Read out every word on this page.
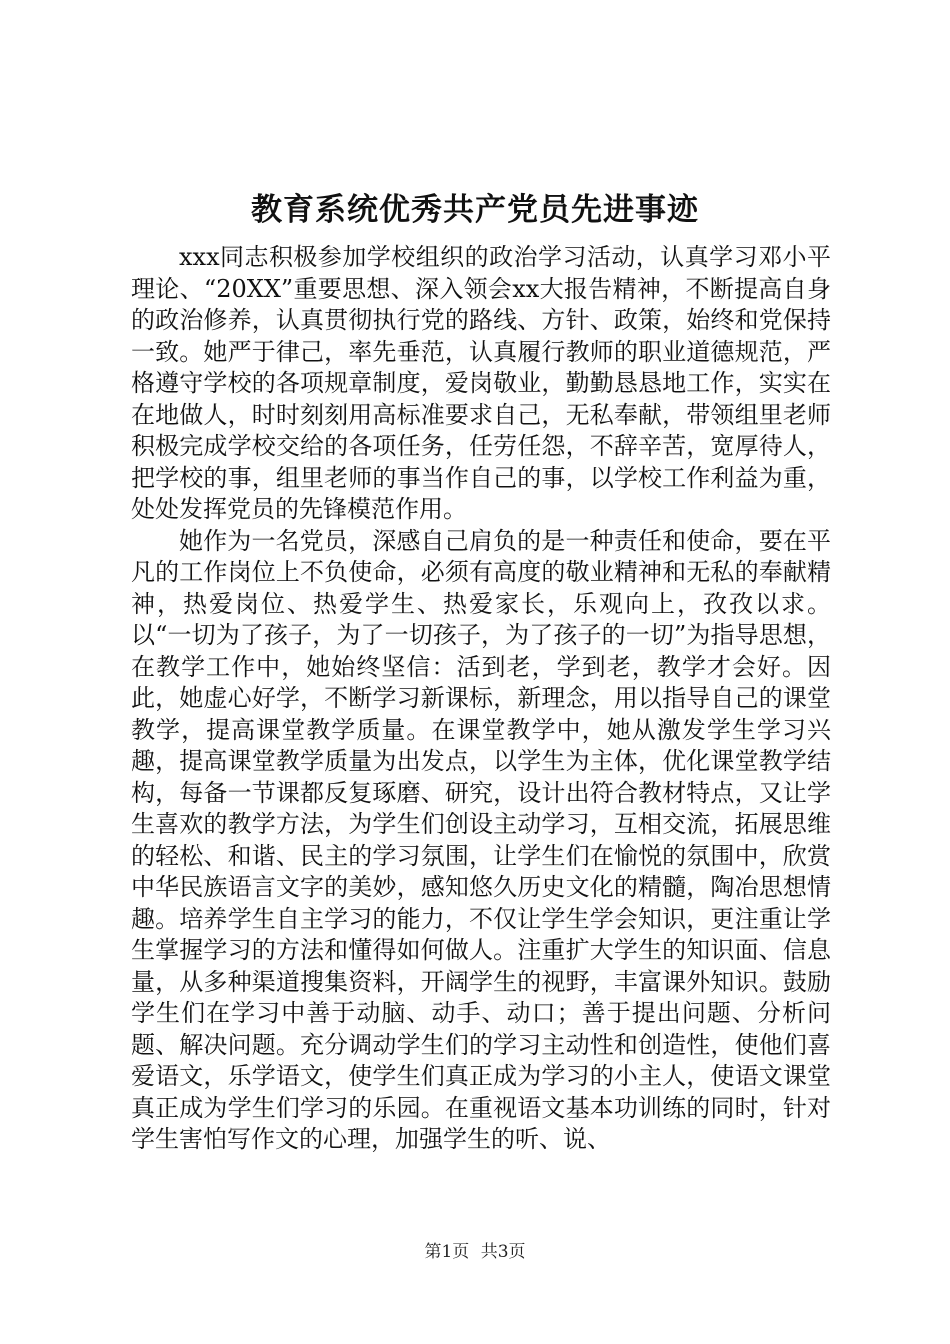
教育系统优秀共产党员先进事迹

xxx同志积极参加学校组织的政治学习活动，认真学习邓小平理论、“20XX”重要思想、深入领会xx大报告精神，不断提高自身的政治修养，认真贯彻执行党的路线、方针、政策，始终和党保持一致。她严于律己，率先垂范，认真履行教师的职业道德规范，严格遵守学校的各项规章制度，爱岗敬业，勤勤恳恳地工作，实实在在地做人，时时刻刻用高标准要求自己，无私奉献，带领组里老师积极完成学校交给的各项任务，任劳任怨，不辞辛苦，宽厚待人，把学校的事，组里老师的事当作自己的事，以学校工作利益为重，处处发挥党员的先锋模范作用。

她作为一名党员，深感自己肩负的是一种责任和使命，要在平凡的工作岗位上不负使命，必须有高度的敬业精神和无私的奉献精神，热爱岗位、热爱学生、热爱家长，乐观向上，孜孜以求。以“一切为了孩子，为了一切孩子，为了孩子的一切”为指导思想，在教学工作中，她始终坚信：活到老，学到老，教学才会好。因此，她虚心好学，不断学习新课标，新理念，用以指导自己的课堂教学，提高课堂教学质量。在课堂教学中，她从激发学生学习兴趣，提高课堂教学质量为出发点，以学生为主体，优化课堂教学结构，每备一节课都反复琢磨、研究，设计出符合教材特点，又让学生喜欢的教学方法，为学生们创设主动学习，互相交流，拓展思维的轻松、和谐、民主的学习氛围，让学生们在愉悦的氛围中，欣赏中华民族语言文字的美妙，感知悠久历史文化的精髓，陶冶思想情趣。培养学生自主学习的能力，不仅让学生学会知识，更注重让学生掌握学习的方法和懂得如何做人。注重扩大学生的知识面、信息量，从多种渠道搜集资料，开阔学生的视野，丰富课外知识。鼓励学生们在学习中善于动脑、动手、动口；善于提出问题、分析问题、解决问题。充分调动学生们的学习主动性和创造性，使他们喜爱语文，乐学语文，使学生们真正成为学习的小主人，使语文课堂真正成为学生们学习的乐园。在重视语文基本功训练的同时，针对学生害怕写作文的心理，加强学生的听、说、

第1页 共3页
